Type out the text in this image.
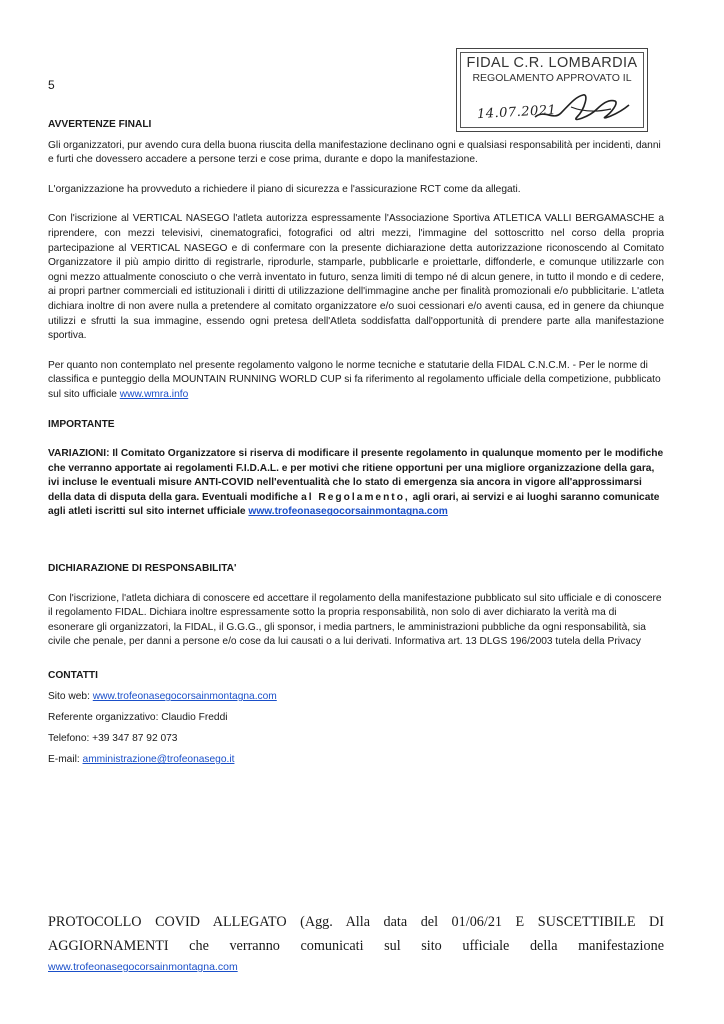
5
FIDAL C.R. LOMBARDIA
REGOLAMENTO APPROVATO IL
14.07.2021

AVVERTENZE FINALI

Gli organizzatori, pur avendo cura della buona riuscita della manifestazione declinano ogni e qualsiasi responsabilità per incidenti, danni e furti che dovessero accadere a persone terzi e cose prima, durante e dopo la manifestazione.

L'organizzazione ha provveduto a richiedere il piano di sicurezza e l'assicurazione RCT come da allegati.

Con l'iscrizione al VERTICAL NASEGO l'atleta autorizza espressamente l'Associazione Sportiva ATLETICA VALLI BERGAMASCHE a riprendere, con mezzi televisivi, cinematografici, fotografici od altri mezzi, l'immagine del sottoscritto nel corso della propria partecipazione al VERTICAL NASEGO e di confermare con la presente dichiarazione detta autorizzazione riconoscendo al Comitato Organizzatore il più ampio diritto di registrarle, riprodurle, stamparle, pubblicarle e proiettarle, diffonderle, e comunque utilizzarle con ogni mezzo attualmente conosciuto o che verrà inventato in futuro, senza limiti di tempo né di alcun genere, in tutto il mondo e di cedere, ai propri partner commerciali ed istituzionali i diritti di utilizzazione dell'immagine anche per finalità promozionali e/o pubblicitarie. L'atleta dichiara inoltre di non avere nulla a pretendere al comitato organizzatore e/o suoi cessionari e/o aventi causa, ed in genere da chiunque utilizzi e sfrutti la sua immagine, essendo ogni pretesa dell'Atleta soddisfatta dall'opportunità di prendere parte alla manifestazione sportiva.

Per quanto non contemplato nel presente regolamento valgono le norme tecniche e statutarie della FIDAL C.N.C.M. - Per le norme di classifica e punteggio della MOUNTAIN RUNNING WORLD CUP si fa riferimento al regolamento ufficiale della competizione, pubblicato sul sito ufficiale www.wmra.info

IMPORTANTE

VARIAZIONI: Il Comitato Organizzatore si riserva di modificare il presente regolamento in qualunque momento per le modifiche che verranno apportate ai regolamenti F.I.D.A.L. e per motivi che ritiene opportuni per una migliore organizzazione della gara, ivi incluse le eventuali misure ANTI-COVID nell'eventualità che lo stato di emergenza sia ancora in vigore all'approssimarsi della data di disputa della gara. Eventuali modifiche al Regolamento, agli orari, ai servizi e ai luoghi saranno comunicate agli atleti iscritti sul sito internet ufficiale www.trofeonasegocorsainmontagna.com

DICHIARAZIONE DI RESPONSABILITA'

Con l'iscrizione, l'atleta dichiara di conoscere ed accettare il regolamento della manifestazione pubblicato sul sito ufficiale e di conoscere il regolamento FIDAL. Dichiara inoltre espressamente sotto la propria responsabilità, non solo di aver dichiarato la verità ma di esonerare gli organizzatori, la FIDAL, il G.G.G., gli sponsor, i media partners, le amministrazioni pubbliche da ogni responsabilità, sia civile che penale, per danni a persone e/o cose da lui causati o a lui derivati. Informativa art. 13 DLGS 196/2003 tutela della Privacy

CONTATTI

Sito web: www.trofeonasegocorsainmontagna.com

Referente organizzativo: Claudio Freddi

Telefono: +39 347 87 92 073

E-mail: amministrazione@trofeonasego.it

PROTOCOLLO COVID ALLEGATO (Agg. Alla data del 01/06/21 E SUSCETTIBILE DI
AGGIORNAMENTI che verranno comunicati sul sito ufficiale della manifestazione
www.trofeonasegocorsainmontagna.com
